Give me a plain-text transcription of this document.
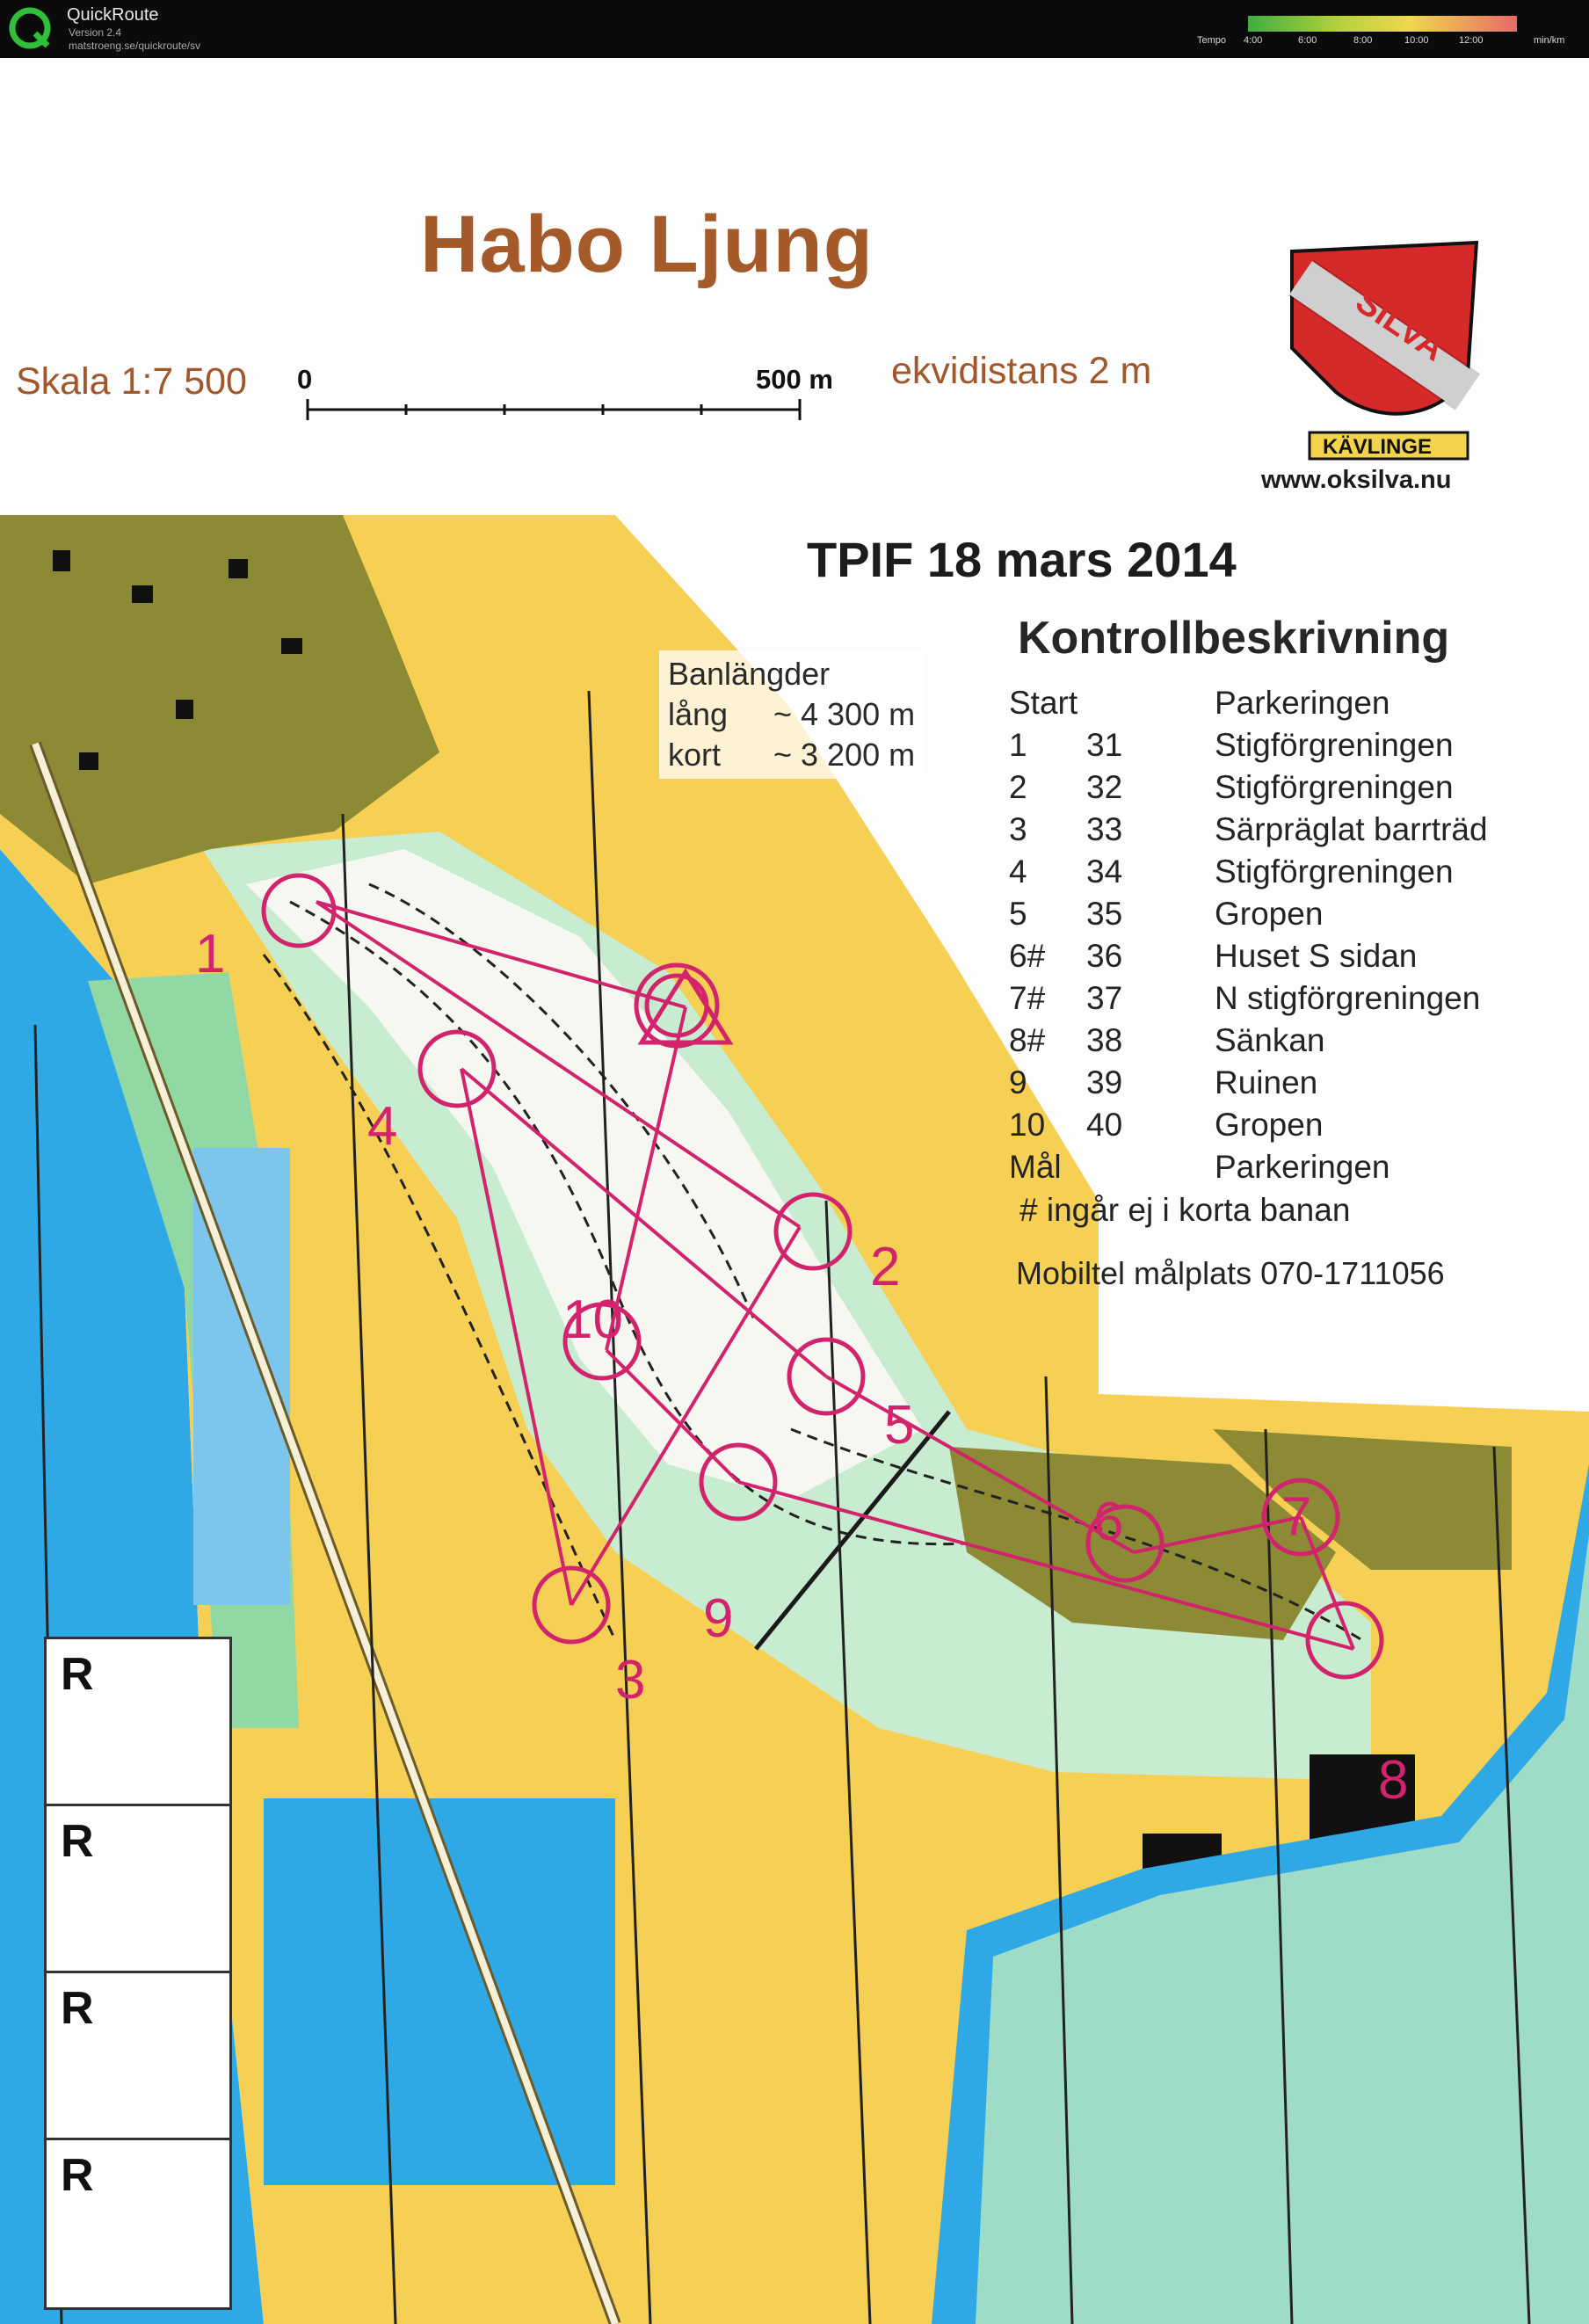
QuickRoute
Version 2.4
matstroeng.se/quickroute/sv	Tempo 4:00	6:00	8:00	10:00	12:00	min/km
SILVA
KÄVLINGE
Habo Ljung
Skala 1:7 500 0	500 m ekvidistans 2 m
www.oksilva.nu
TPIF 18 mars 2014
Kontrollbeskrivning
Banlängder
lång	~ 4 300 m
kort	~ 3 200 m
Start	Parkeringen
1	31	Stigförgreningen
2	32	Stigförgreningen
3	33	Särpräglat barrträd
4	34	Stigförgreningen
5	35	Gropen
6#	36	Huset S sidan
7#	37	N stigförgreningen
8#	38	Sänkan
9	39	Ruinen
10	40	Gropen
Mål	Parkeringen
# ingår ej i korta banan
Mobiltel målplats 070-1711056
1
2
3
4
5
6	7
8
9
10
R
R
R
R
